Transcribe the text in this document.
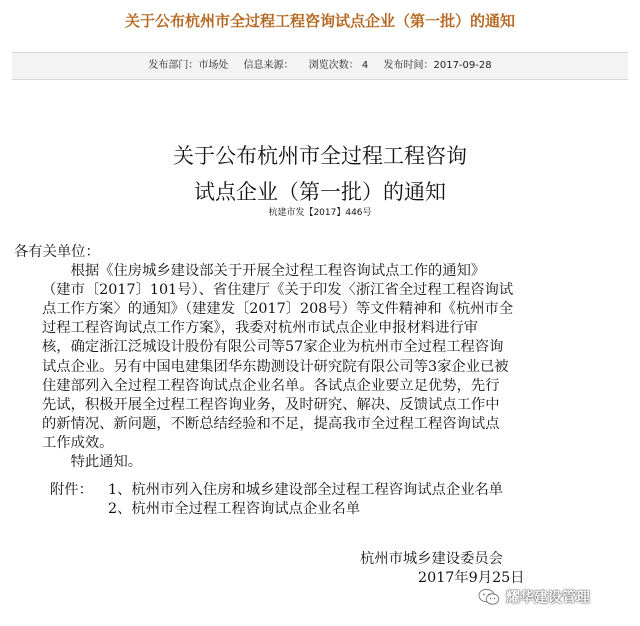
关于公布杭州市全过程工程咨询试点企业（第一批）的通知
发布部门：市场处 信息来源： 浏览次数： 4 发布时间：2017-09-28
关于公布杭州市全过程工程咨询
试点企业（第一批）的通知
杭建市发【2017】446号

各有关单位：

　　根据《住房城乡建设部关于开展全过程工程咨询试点工作的通知》

（建市〔2017〕101号）、省住建厅《关于印发〈浙江省全过程工程咨询试

点工作方案〉的通知》（建建发〔2017〕208号）等文件精神和《杭州市全

过程工程咨询试点工作方案》，我委对杭州市试点企业申报材料进行审

核，确定浙江泛城设计股份有限公司等57家企业为杭州市全过程工程咨询

试点企业。另有中国电建集团华东勘测设计研究院有限公司等3家企业已被

住建部列入全过程工程咨询试点企业名单。各试点企业要立足优势，先行

先试，积极开展全过程工程咨询业务，及时研究、解决、反馈试点工作中

的新情况、新问题，不断总结经验和不足，提高我市全过程工程咨询试点

工作成效。

　　特此通知。

附件：	1、杭州市列入住房和城乡建设部全过程工程咨询试点企业名单
2、杭州市全过程工程咨询试点企业名单
杭州市城乡建设委员会
2017年9月25日
耀华建设管理
